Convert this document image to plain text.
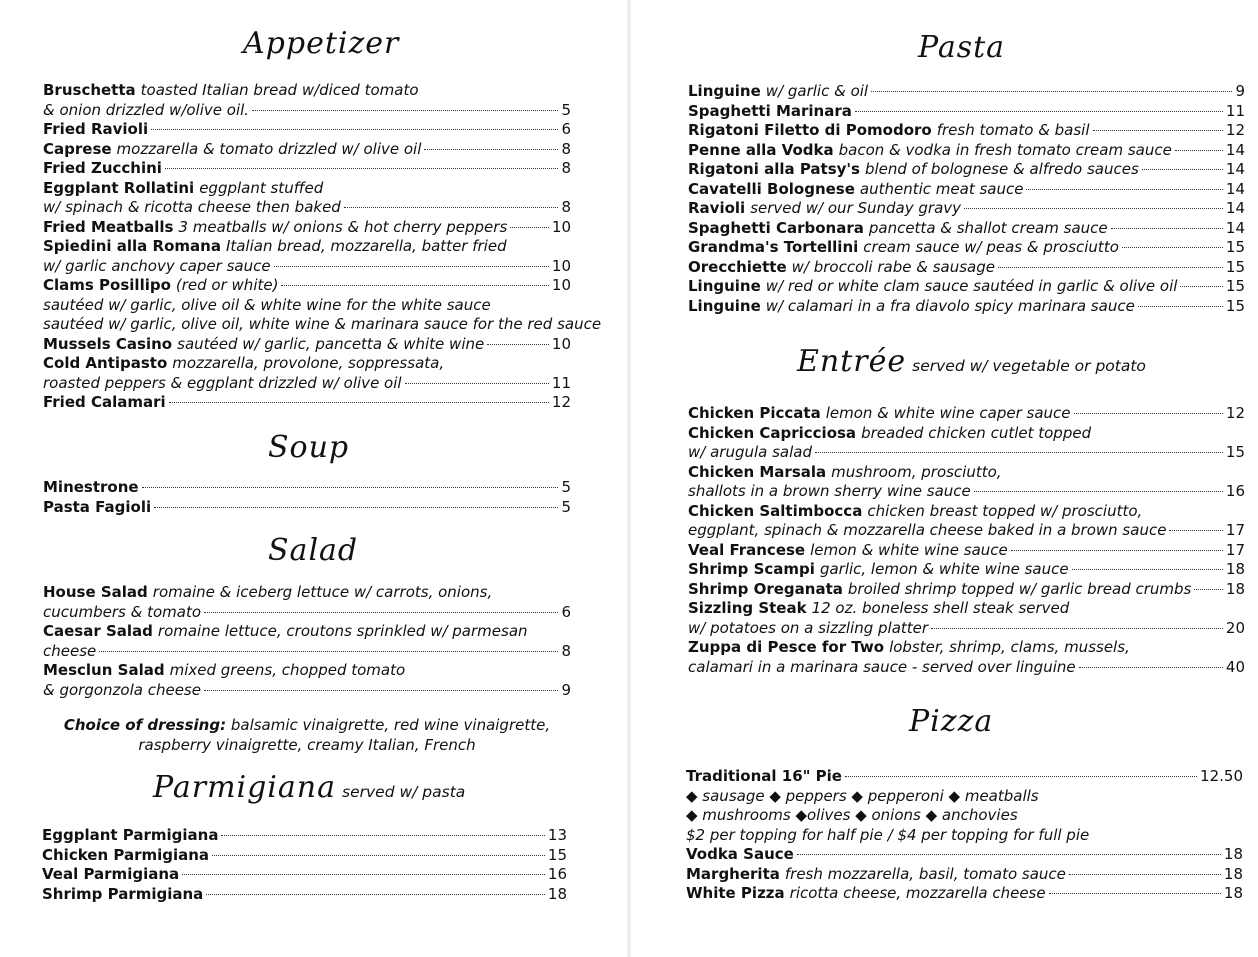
Appetizer
Bruschetta toasted Italian bread w/diced tomato
& onion drizzled w/olive oil.	5
Fried Ravioli	6
Caprese mozzarella & tomato drizzled w/ olive oil	8
Fried Zucchini	8
Eggplant Rollatini eggplant stuffed
w/ spinach & ricotta cheese then baked	8
Fried Meatballs 3 meatballs w/ onions & hot cherry peppers	10
Spiedini alla Romana Italian bread, mozzarella, batter fried
w/ garlic anchovy caper sauce	10
Clams Posillipo (red or white)	10
sautéed w/ garlic, olive oil & white wine for the white sauce
sautéed w/ garlic, olive oil, white wine & marinara sauce for the red sauce
Mussels Casino sautéed w/ garlic, pancetta & white wine	10
Cold Antipasto mozzarella, provolone, soppressata,
roasted peppers & eggplant drizzled w/ olive oil	11
Fried Calamari	12
Soup
Minestrone	5
Pasta Fagioli	5
Salad
House Salad romaine & iceberg lettuce w/ carrots, onions,
cucumbers & tomato	6
Caesar Salad romaine lettuce, croutons sprinkled w/ parmesan
cheese	8
Mesclun Salad mixed greens, chopped tomato
& gorgonzola cheese	9
Choice of dressing: balsamic vinaigrette, red wine vinaigrette,
raspberry vinaigrette, creamy Italian, French
Parmigiana served w/ pasta
Eggplant Parmigiana	13
Chicken Parmigiana	15
Veal Parmigiana	16
Shrimp Parmigiana	18
Pasta
Linguine w/ garlic & oil	9
Spaghetti Marinara	11
Rigatoni Filetto di Pomodoro fresh tomato & basil	12
Penne alla Vodka bacon & vodka in fresh tomato cream sauce	14
Rigatoni alla Patsy's blend of bolognese & alfredo sauces	14
Cavatelli Bolognese authentic meat sauce	14
Ravioli served w/ our Sunday gravy	14
Spaghetti Carbonara pancetta & shallot cream sauce	14
Grandma's Tortellini cream sauce w/ peas & prosciutto	15
Orecchiette w/ broccoli rabe & sausage	15
Linguine w/ red or white clam sauce sautéed in garlic & olive oil	15
Linguine w/ calamari in a fra diavolo spicy marinara sauce	15
Entrée served w/ vegetable or potato
Chicken Piccata lemon & white wine caper sauce	12
Chicken Capricciosa breaded chicken cutlet topped
w/ arugula salad	15
Chicken Marsala mushroom, prosciutto,
shallots in a brown sherry wine sauce	16
Chicken Saltimbocca chicken breast topped w/ prosciutto,
eggplant, spinach & mozzarella cheese baked in a brown sauce	17
Veal Francese lemon & white wine sauce	17
Shrimp Scampi garlic, lemon & white wine sauce	18
Shrimp Oreganata broiled shrimp topped w/ garlic bread crumbs 18
Sizzling Steak 12 oz. boneless shell steak served
w/ potatoes on a sizzling platter	20
Zuppa di Pesce for Two lobster, shrimp, clams, mussels,
calamari in a marinara sauce - served over linguine	40
Pizza
Traditional 16" Pie	12.50
◆ sausage ◆ peppers ◆ pepperoni ◆ meatballs
◆ mushrooms ◆olives ◆ onions ◆ anchovies
$2 per topping for half pie / $4 per topping for full pie
Vodka Sauce	18
Margherita fresh mozzarella, basil, tomato sauce	18
White Pizza ricotta cheese, mozzarella cheese	18
